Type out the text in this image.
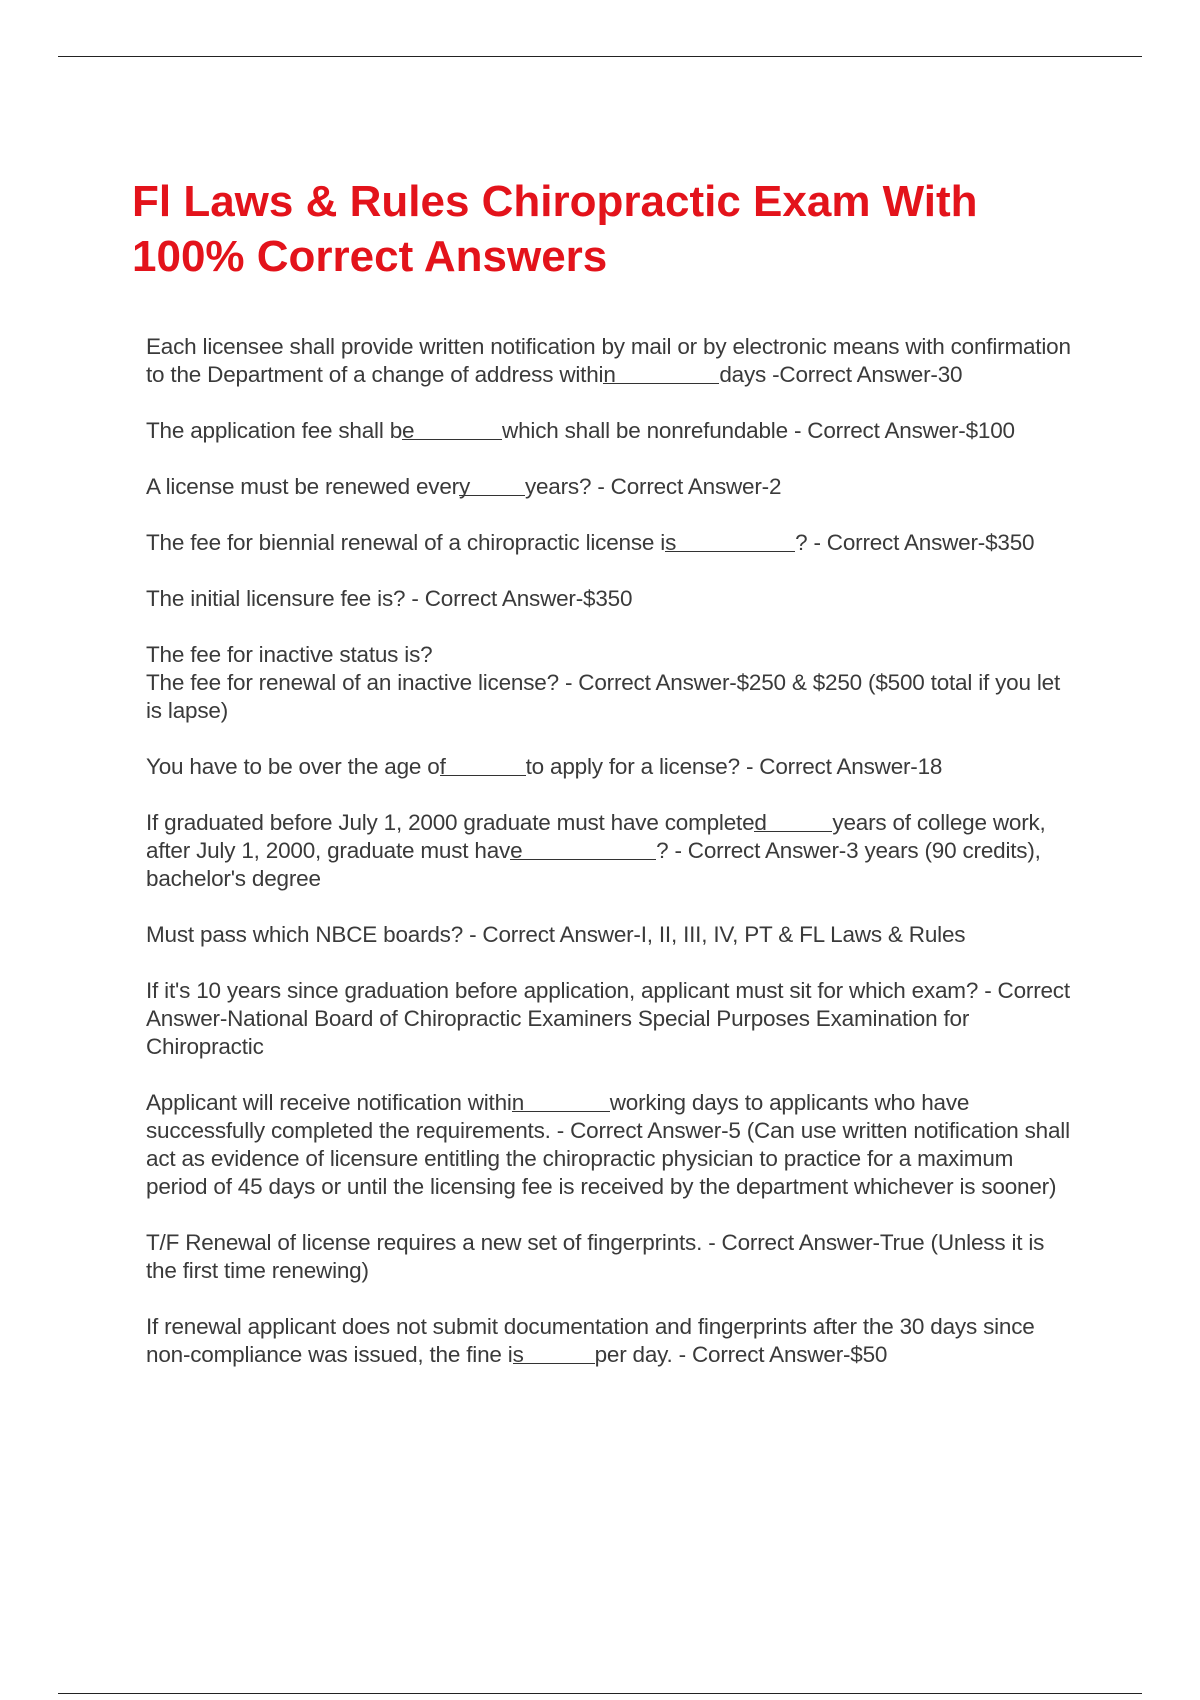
Fl Laws & Rules Chiropractic Exam With 100% Correct Answers

Each licensee shall provide written notification by mail or by electronic means with confirmation to the Department of a change of address within	days -Correct Answer-30

The application fee shall be	which shall be nonrefundable - Correct Answer-$100

A license must be renewed every years? - Correct Answer-2

The fee for biennial renewal of a chiropractic license is	? - Correct Answer-$350

The initial licensure fee is? - Correct Answer-$350

The fee for inactive status is?
The fee for renewal of an inactive license? - Correct Answer-$250 & $250 ($500 total if you let is lapse)

You have to be over the age of	to apply for a license? - Correct Answer-18

If graduated before July 1, 2000 graduate must have completed	years of college work, after July 1, 2000, graduate must have	? - Correct Answer-3 years (90 credits), bachelor's degree

Must pass which NBCE boards? - Correct Answer-I, II, III, IV, PT & FL Laws & Rules

If it's 10 years since graduation before application, applicant must sit for which exam? - Correct Answer-National Board of Chiropractic Examiners Special Purposes Examination for Chiropractic

Applicant will receive notification within	working days to applicants who have successfully completed the requirements. - Correct Answer-5 (Can use written notification shall act as evidence of licensure entitling the chiropractic physician to practice for a maximum period of 45 days or until the licensing fee is received by the department whichever is sooner)

T/F Renewal of license requires a new set of fingerprints. - Correct Answer-True (Unless it is the first time renewing)

If renewal applicant does not submit documentation and fingerprints after the 30 days since non-compliance was issued, the fine is	per day. - Correct Answer-$50
